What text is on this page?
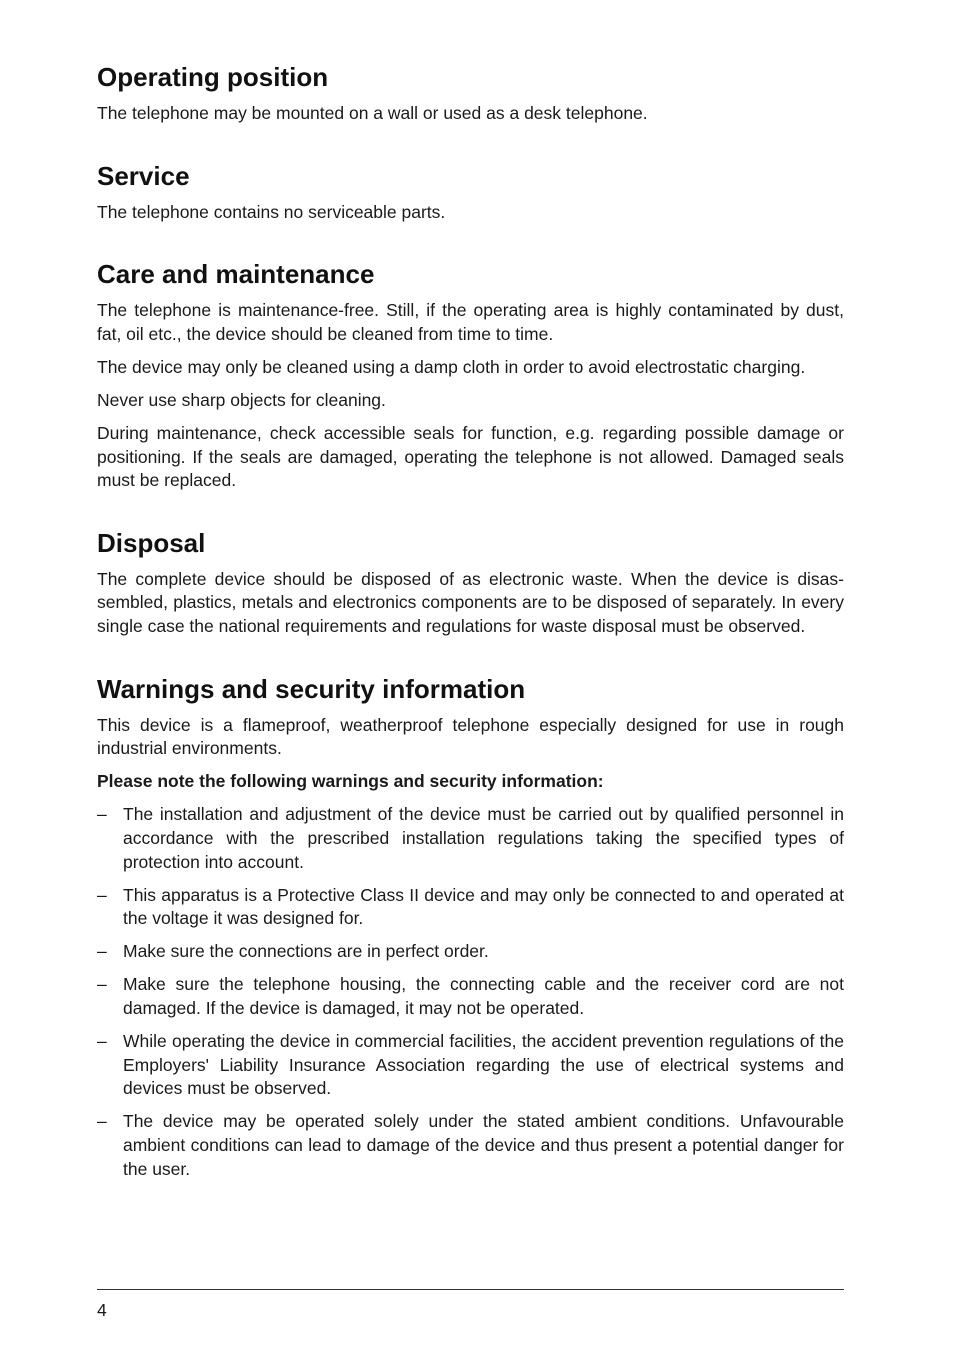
Operating position

The telephone may be mounted on a wall or used as a desk telephone.

Service

The telephone contains no serviceable parts.

Care and maintenance

The telephone is maintenance-free. Still, if the operating area is highly contaminated by dust, fat, oil etc., the device should be cleaned from time to time.

The device may only be cleaned using a damp cloth in order to avoid electrostatic charging.

Never use sharp objects for cleaning.

During maintenance, check accessible seals for function, e.g. regarding possible damage or positioning. If the seals are damaged, operating the telephone is not allowed. Damaged seals must be replaced.

Disposal

The complete device should be disposed of as electronic waste. When the device is disassembled, plastics, metals and electronics components are to be disposed of separately. In every single case the national requirements and regulations for waste disposal must be observed.

Warnings and security information

This device is a flameproof, weatherproof telephone especially designed for use in rough industrial environments.

Please note the following warnings and security information:

– The installation and adjustment of the device must be carried out by qualified personnel in accordance with the prescribed installation regulations taking the specified types of protection into account.
– This apparatus is a Protective Class II device and may only be connected to and operated at the voltage it was designed for.
– Make sure the connections are in perfect order.
– Make sure the telephone housing, the connecting cable and the receiver cord are not damaged. If the device is damaged, it may not be operated.
– While operating the device in commercial facilities, the accident prevention regulations of the Employers' Liability Insurance Association regarding the use of electrical systems and devices must be observed.
– The device may be operated solely under the stated ambient conditions. Unfavourable ambient conditions can lead to damage of the device and thus present a potential danger for the user.
4
